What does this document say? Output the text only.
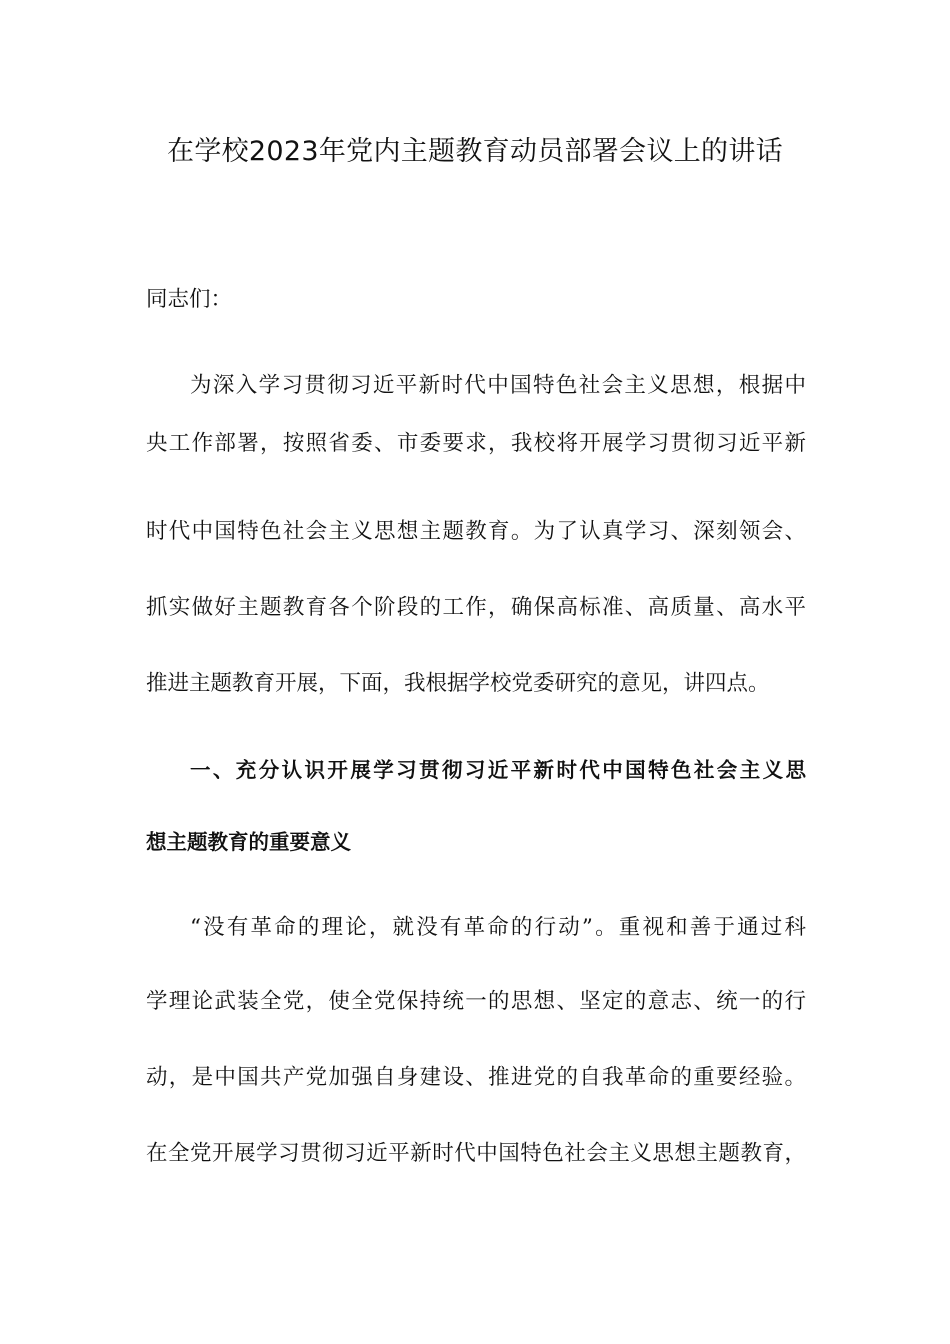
在学校2023年党内主题教育动员部署会议上的讲话
同志们：
为深入学习贯彻习近平新时代中国特色社会主义思想，根据中
央工作部署，按照省委、市委要求，我校将开展学习贯彻习近平新
时代中国特色社会主义思想主题教育。为了认真学习、深刻领会、
抓实做好主题教育各个阶段的工作，确保高标准、高质量、高水平
推进主题教育开展，下面，我根据学校党委研究的意见，讲四点。
一、充分认识开展学习贯彻习近平新时代中国特色社会主义思
想主题教育的重要意义
“没有革命的理论，就没有革命的行动”。重视和善于通过科
学理论武装全党，使全党保持统一的思想、坚定的意志、统一的行
动，是中国共产党加强自身建设、推进党的自我革命的重要经验。
在全党开展学习贯彻习近平新时代中国特色社会主义思想主题教育，
